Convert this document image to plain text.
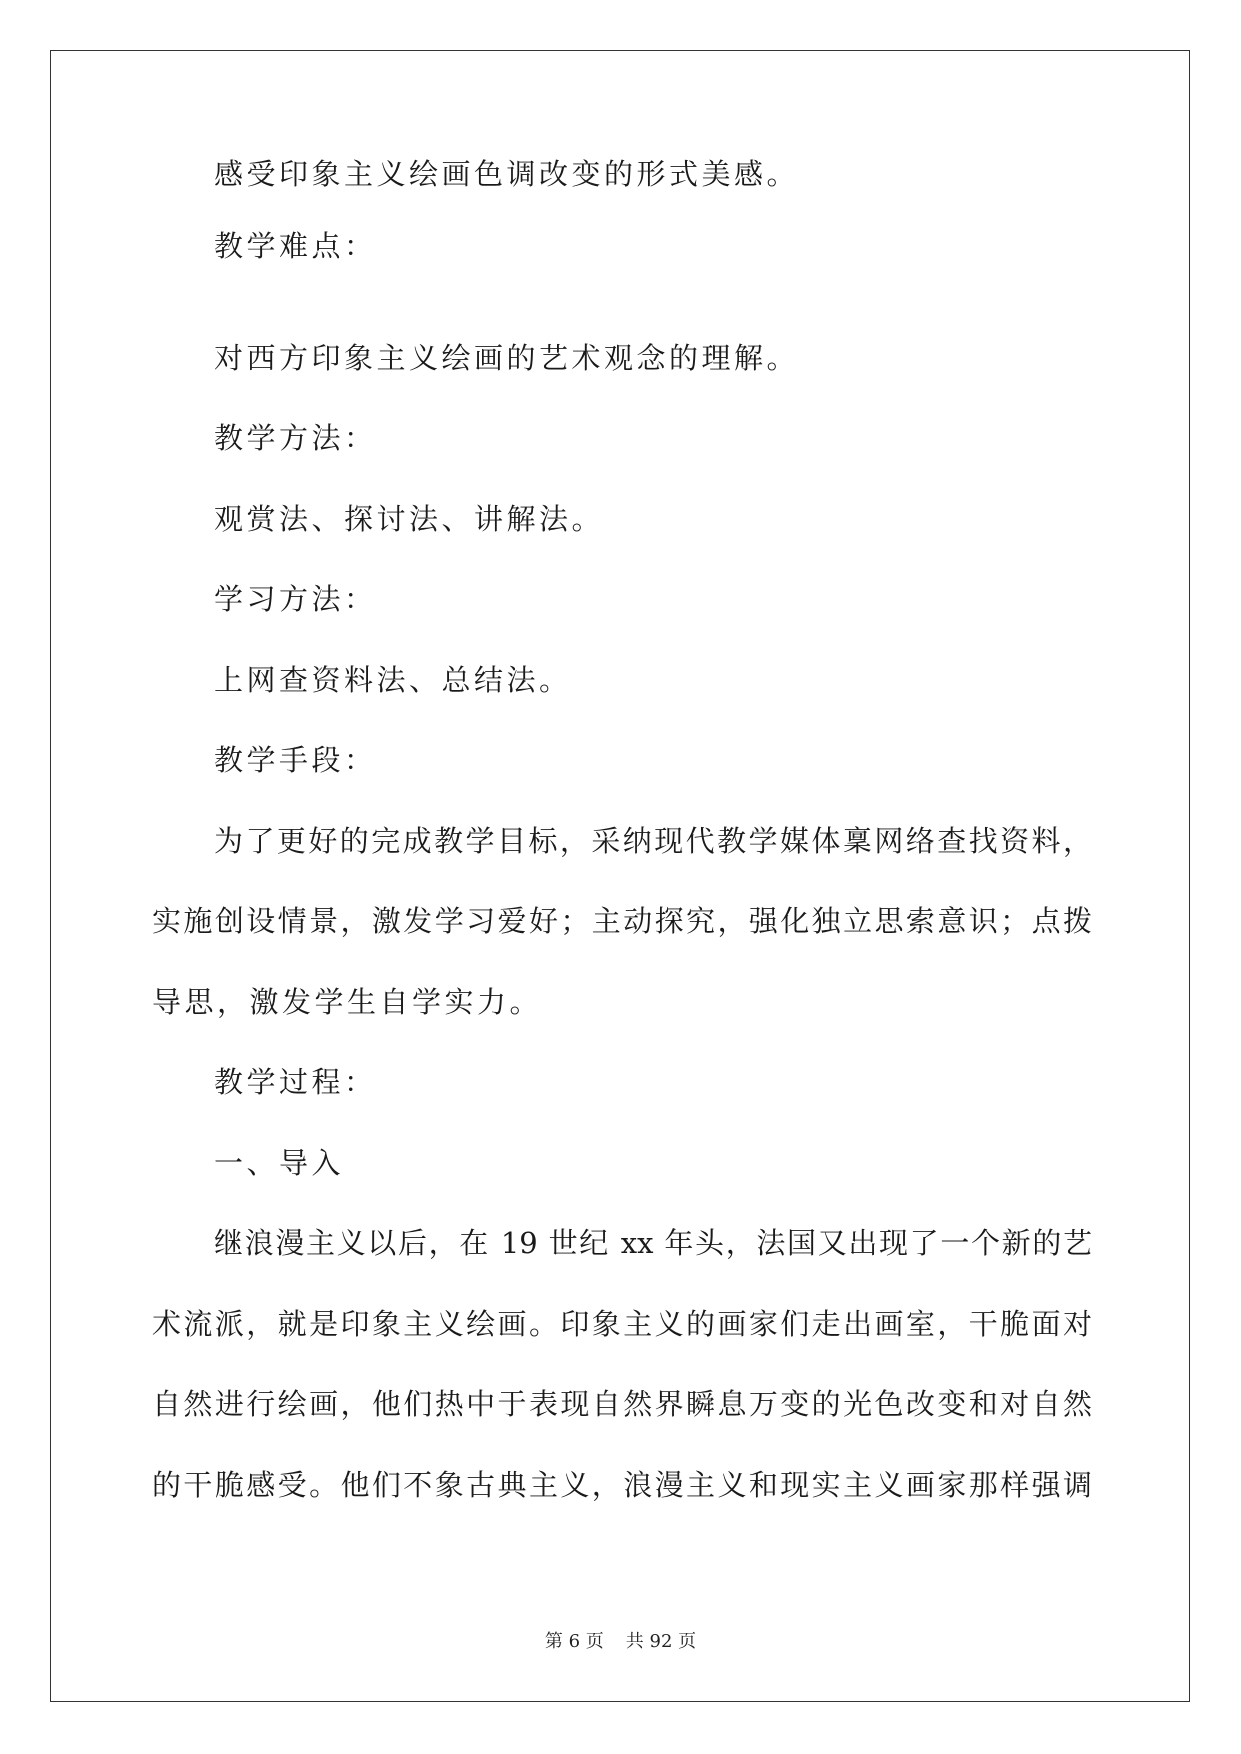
感受印象主义绘画色调改变的形式美感。
教学难点：
对西方印象主义绘画的艺术观念的理解。
教学方法：
观赏法、探讨法、讲解法。
学习方法：
上网查资料法、总结法。
教学手段：
为了更好的完成教学目标，采纳现代教学媒体稟网络查找资料，
实施创设情景，激发学习爱好；主动探究，强化独立思索意识；点拨
导思，激发学生自学实力。
教学过程：
一、导入
继浪漫主义以后，在 19 世纪 xx 年头，法国又出现了一个新的艺
术流派，就是印象主义绘画。印象主义的画家们走出画室，干脆面对
自然进行绘画，他们热中于表现自然界瞬息万变的光色改变和对自然
的干脆感受。他们不象古典主义，浪漫主义和现实主义画家那样强调
第 6 页 共 92 页
